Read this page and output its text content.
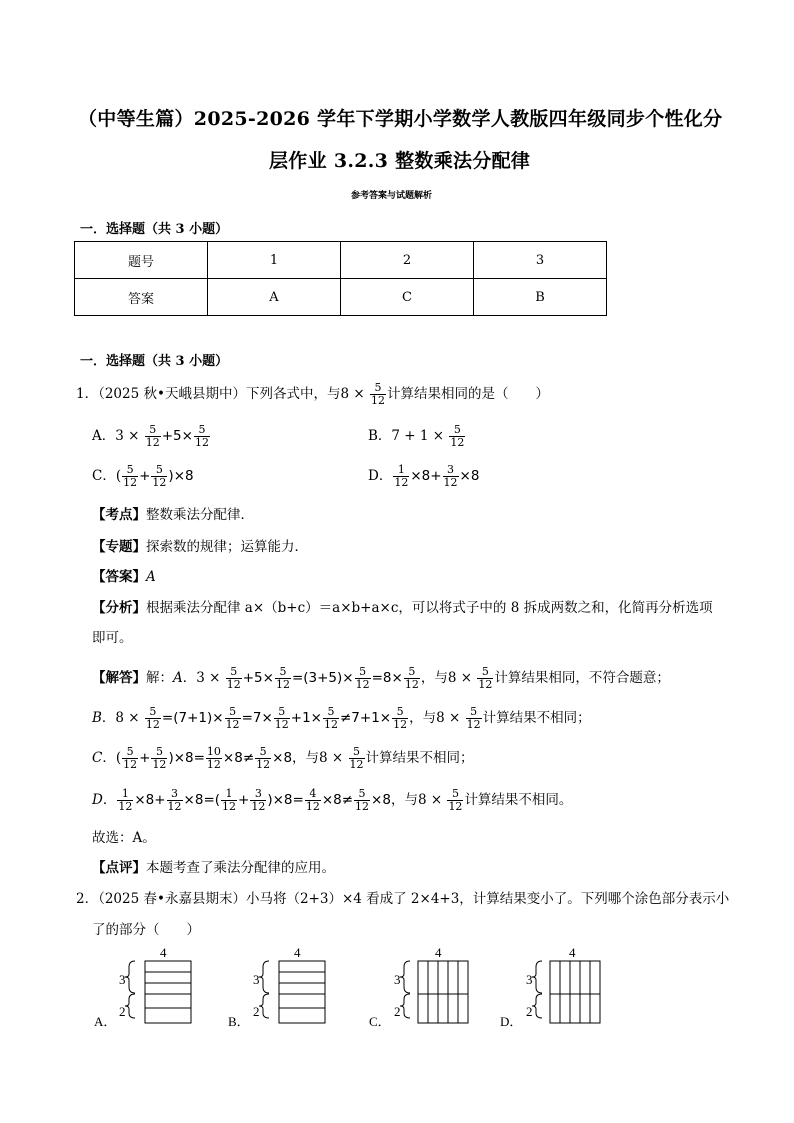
（中等生篇）2025-2026 学年下学期小学数学人教版四年级同步个性化分
层作业 3.2.3 整数乘法分配律
参考答案与试题解析
一．选择题（共 3 小题）
题号	1	2	3
答案	A	C	B
一．选择题（共 3 小题）
1．（2025 秋•天峨县期中）下列各式中，与$8 \times \frac{5}{12}$ 计算结果相同的是（　　）
A．$3 \times \frac{5}{12} +5\times \frac{5}{12}$	B．$7 + 1 \times \frac{5}{12}$
C．( $\frac{5}{12} + \frac{5}{12} )\times 8$	D． $\frac{1}{12} \times 8+ \frac{3}{12} \times 8$
【考点】整数乘法分配律．
【专题】探索数的规律；运算能力．
【答案】A
【分析】根据乘法分配律 a×（b+c）＝a×b+a×c，可以将式子中的 8 拆成两数之和，化简再分析选项
即可。
【解答】解：A．$3 \times \frac{5}{12} +5\times \frac{5}{12} =(3+5)\times \frac{5}{12} =8\times \frac{5}{12}$ ，与$8 \times \frac{5}{12}$ 计算结果相同，不符合题意；
B．$8 \times \frac{5}{12} =(7+1)\times \frac{5}{12} =7\times \frac{5}{12} +1\times \frac{5}{12} \ne 7+1\times \frac{5}{12}$ ，与$8 \times \frac{5}{12}$ 计算结果不相同；
C．( $\frac{5}{12} + \frac{5}{12} )\times 8= \frac{10}{12} \times 8\ne \frac{5}{12} \times 8$，与$8 \times \frac{5}{12}$ 计算结果不相同；
D． $\frac{1}{12} \times 8+ \frac{3}{12} \times 8=( \frac{1}{12} + \frac{3}{12} )\times 8= \frac{4}{12} \times 8\ne \frac{5}{12} \times 8$，与$8 \times \frac{5}{12}$ 计算结果不相同。
故选：A。
【点评】本题考查了乘法分配律的应用。
2．（2025 春•永嘉县期末）小马将（2+3）×4 看成了 2×4+3，计算结果变小了。下列哪个涂色部分表示小
了的部分（　　）
A．
4
3
2
B．
4
3
2
C．
4
3
2
D．
4
3
2
